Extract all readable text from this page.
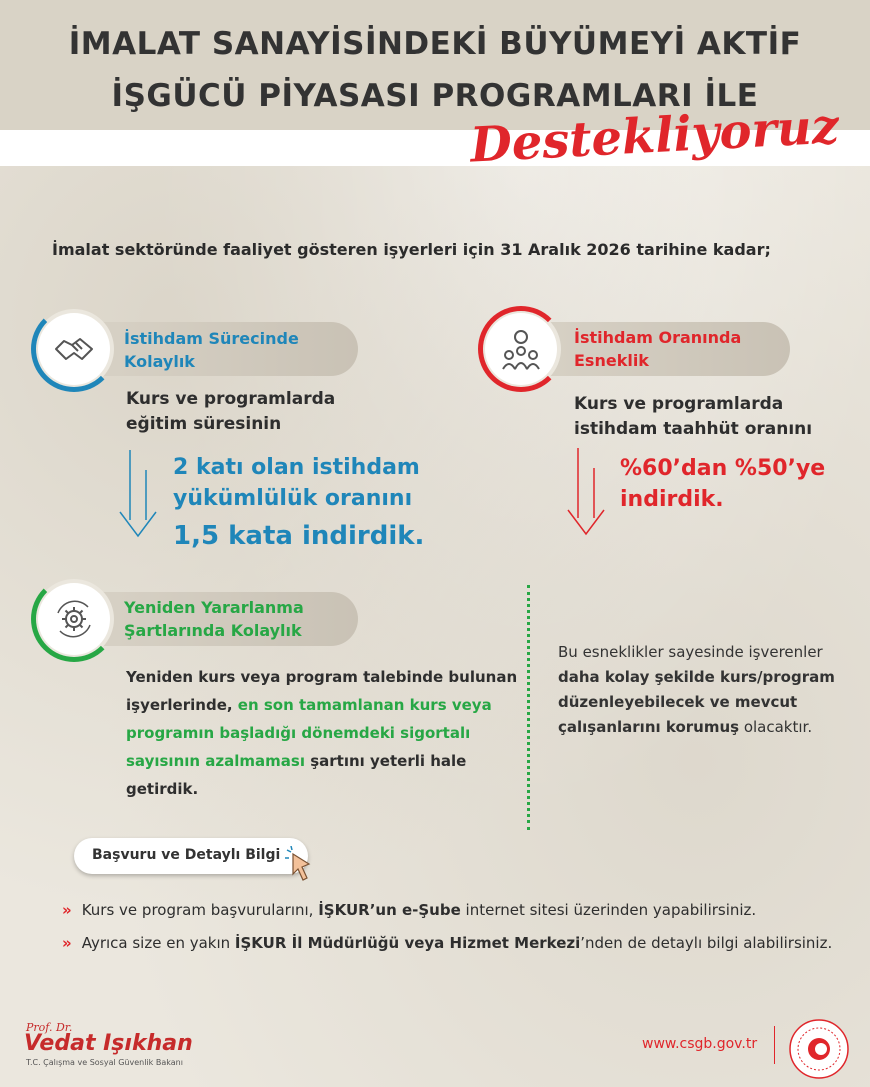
İMALAT SANAYİSİNDEKİ BÜYÜMEYİ AKTİF
İŞGÜCÜ PİYASASI PROGRAMLARI İLE
Destekliyoruz
İmalat sektöründe faaliyet gösteren işyerleri için 31 Aralık 2026 tarihine kadar;
İstihdam Sürecinde
Kolaylık
Kurs ve programlarda
eğitim süresinin
2 katı olan istihdam
yükümlülük oranını
1,5 kata indirdik.
İstihdam Oranında
Esneklik
Kurs ve programlarda
istihdam taahhüt oranını
%60’dan %50’ye
indirdik.
Yeniden Yararlanma
Şartlarında Kolaylık
Yeniden kurs veya program talebinde bulunan işyerlerinde, en son tamamlanan kurs veya programın başladığı dönemdeki sigortalı sayısının azalmaması şartını yeterli hale getirdik.
Bu esneklikler sayesinde işverenler daha kolay şekilde kurs/program düzenleyebilecek ve mevcut çalışanlarını korumuş olacaktır.
Başvuru ve Detaylı Bilgi
» Kurs ve program başvurularını, İŞKUR’un e-Şube internet sitesi üzerinden yapabilirsiniz.
» Ayrıca size en yakın İŞKUR İl Müdürlüğü veya Hizmet Merkezi’nden de detaylı bilgi alabilirsiniz.
Prof. Dr.
Vedat Işıkhan
T.C. Çalışma ve Sosyal Güvenlik Bakanı
www.csgb.gov.tr
